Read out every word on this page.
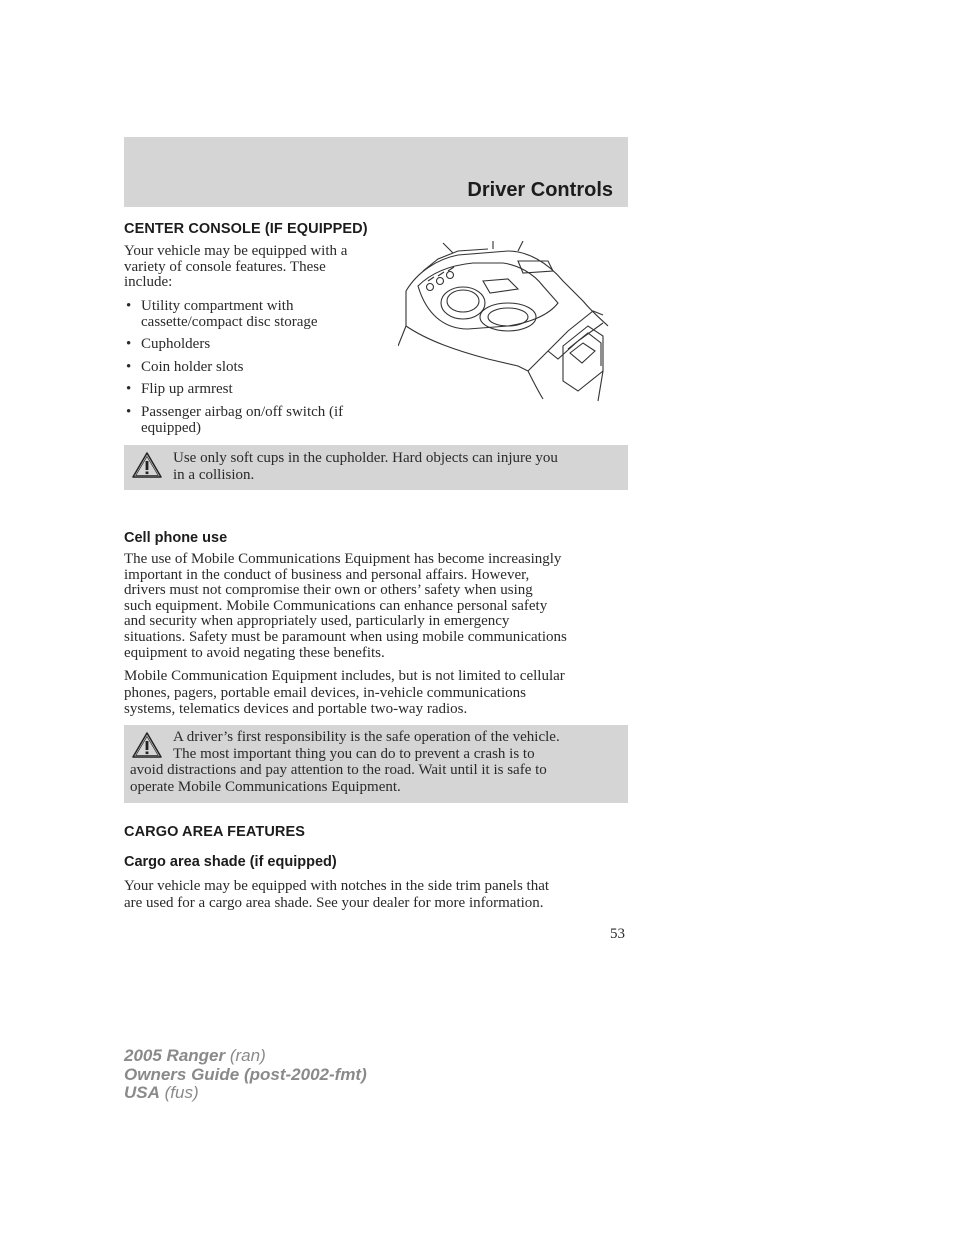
Driver Controls
CENTER CONSOLE (IF EQUIPPED)

Your vehicle may be equipped with a
variety of console features. These
include:

• Utility compartment with
cassette/compact disc storage
• Cupholders
• Coin holder slots
• Flip up armrest
• Passenger airbag on/off switch (if
equipped)

Use only soft cups in the cupholder. Hard objects can injure you
in a collision.

Cell phone use

The use of Mobile Communications Equipment has become increasingly
important in the conduct of business and personal affairs. However,
drivers must not compromise their own or others’ safety when using
such equipment. Mobile Communications can enhance personal safety
and security when appropriately used, particularly in emergency
situations. Safety must be paramount when using mobile communications
equipment to avoid negating these benefits.

Mobile Communication Equipment includes, but is not limited to cellular
phones, pagers, portable email devices, in-vehicle communications
systems, telematics devices and portable two-way radios.

A driver’s first responsibility is the safe operation of the vehicle.
The most important thing you can do to prevent a crash is to

avoid distractions and pay attention to the road. Wait until it is safe to
operate Mobile Communications Equipment.

CARGO AREA FEATURES
Cargo area shade (if equipped)

Your vehicle may be equipped with notches in the side trim panels that
are used for a cargo area shade. See your dealer for more information.

53
2005 Ranger (ran)
Owners Guide (post-2002-fmt)
USA (fus)
